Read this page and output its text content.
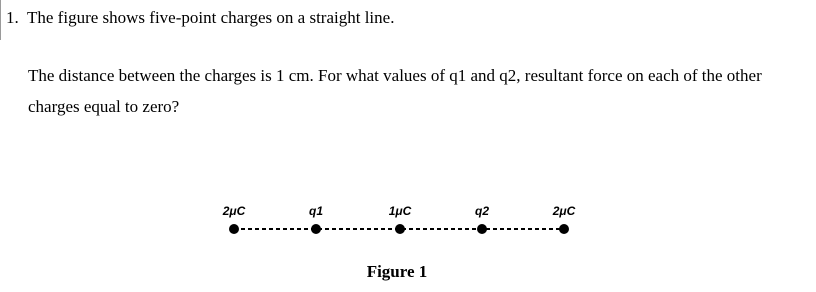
1. The figure shows five-point charges on a straight line.
The distance between the charges is 1 cm. For what values of q1 and q2, resultant force on each of the other charges equal to zero?
2μC	q1	1μC	q2	2μC
Figure 1
